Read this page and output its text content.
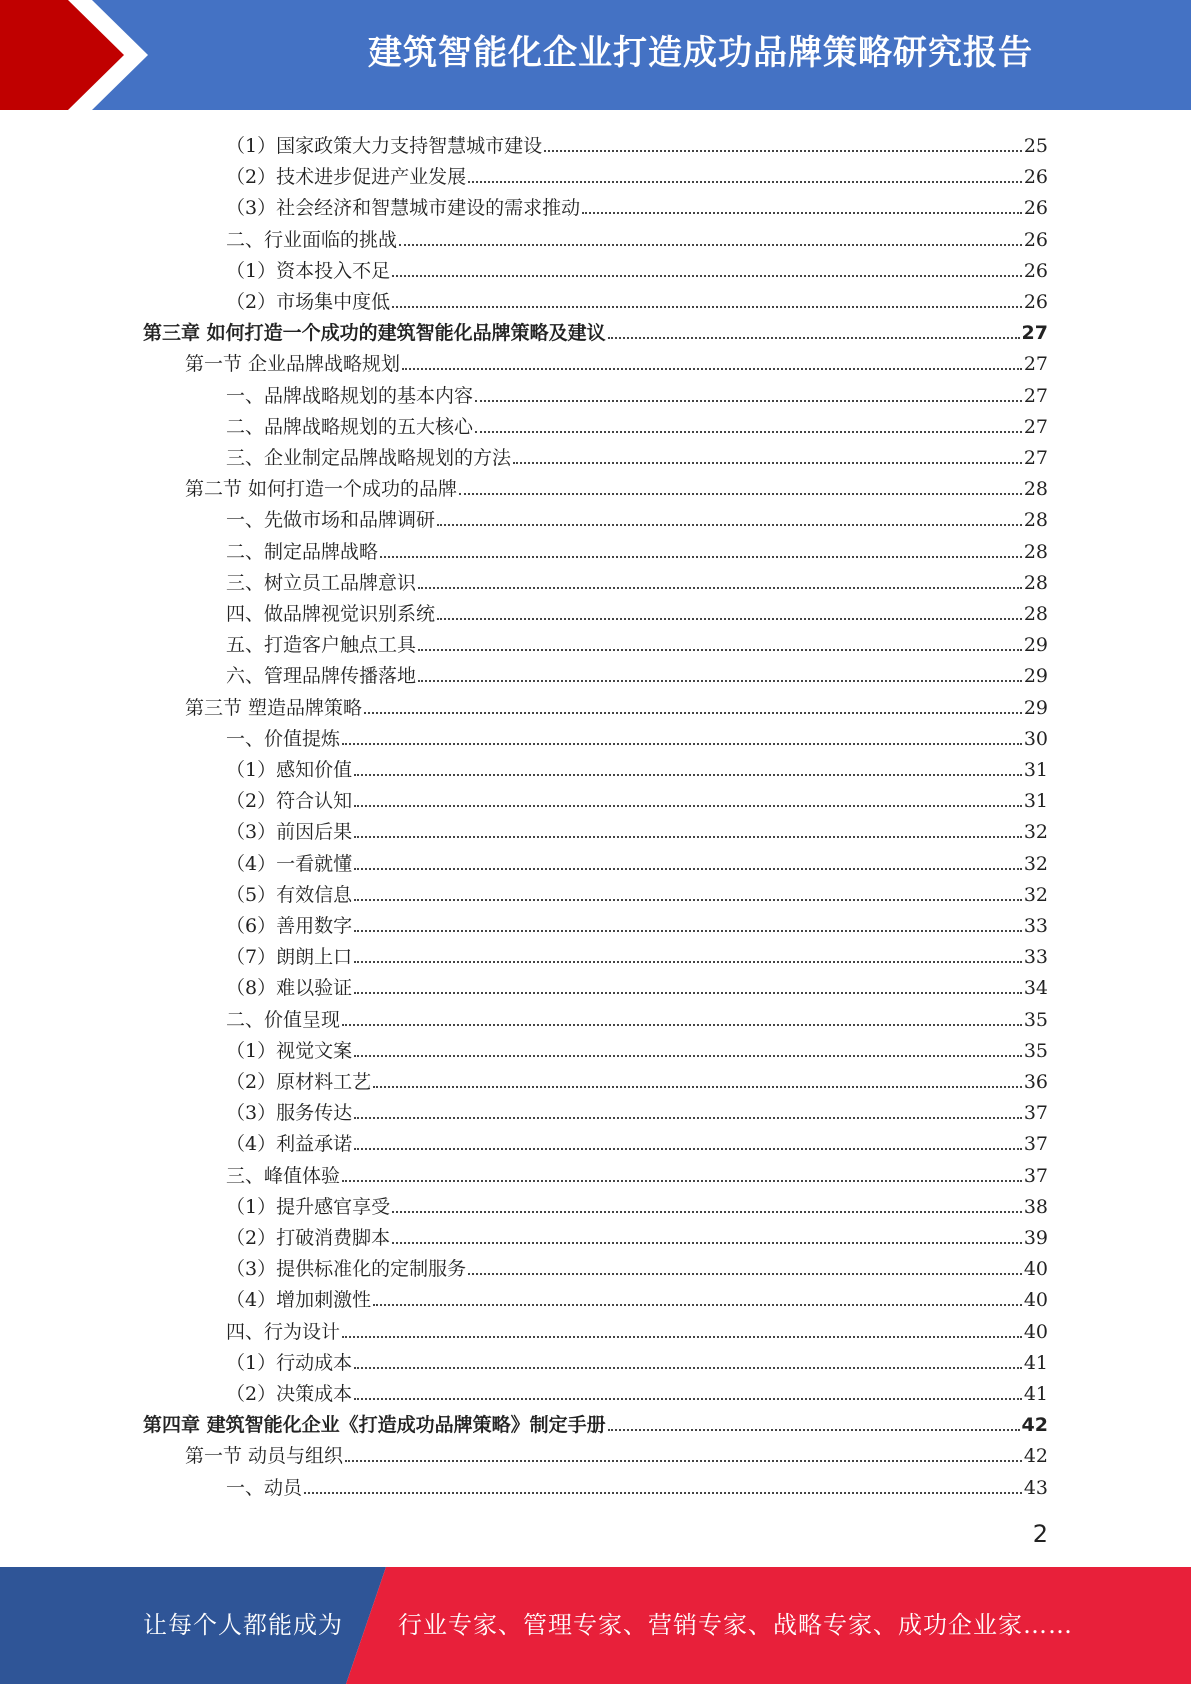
建筑智能化企业打造成功品牌策略研究报告
（1）国家政策大力支持智慧城市建设	25
（2）技术进步促进产业发展	26
（3）社会经济和智慧城市建设的需求推动	26
二、行业面临的挑战	26
（1）资本投入不足	26
（2）市场集中度低	26
第三章 如何打造一个成功的建筑智能化品牌策略及建议	27
第一节 企业品牌战略规划	27
一、品牌战略规划的基本内容	27
二、品牌战略规划的五大核心	27
三、企业制定品牌战略规划的方法	27
第二节 如何打造一个成功的品牌	28
一、先做市场和品牌调研	28
二、制定品牌战略	28
三、树立员工品牌意识	28
四、做品牌视觉识别系统	28
五、打造客户触点工具	29
六、管理品牌传播落地	29
第三节 塑造品牌策略	29
一、价值提炼	30
（1）感知价值	31
（2）符合认知	31
（3）前因后果	32
（4）一看就懂	32
（5）有效信息	32
（6）善用数字	33
（7）朗朗上口	33
（8）难以验证	34
二、价值呈现	35
（1）视觉文案	35
（2）原材料工艺	36
（3）服务传达	37
（4）利益承诺	37
三、峰值体验	37
（1）提升感官享受	38
（2）打破消费脚本	39
（3）提供标准化的定制服务	40
（4）增加刺激性	40
四、行为设计	40
（1）行动成本	41
（2）决策成本	41
第四章 建筑智能化企业《打造成功品牌策略》制定手册	42
第一节 动员与组织	42
一、动员	43
2
让每个人都能成为 行业专家、管理专家、营销专家、战略专家、成功企业家……
